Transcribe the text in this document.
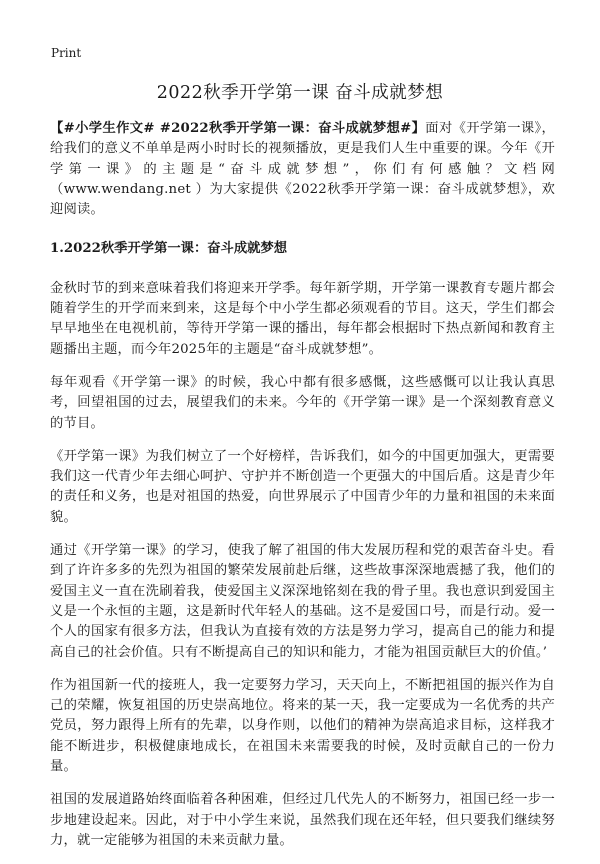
Print
2022秋季开学第一课 奋斗成就梦想

【#小学生作文# #2022秋季开学第一课：奋斗成就梦想#】面对《开学第一课》，给我们的意义不单单是两小时时长的视频播放，更是我们人生中重要的课。今年《开学第一课》的主题是“奋斗成就梦想”，你们有何感触？文档网（www.wendang.net ）为大家提供《2022秋季开学第一课：奋斗成就梦想》，欢迎阅读。

1.2022秋季开学第一课：奋斗成就梦想

金秋时节的到来意味着我们将迎来开学季。每年新学期，开学第一课教育专题片都会随着学生的开学而来到来，这是每个中小学生都必须观看的节目。这天，学生们都会早早地坐在电视机前，等待开学第一课的播出，每年都会根据时下热点新闻和教育主题播出主题，而今年2025年的主题是“奋斗成就梦想”。

每年观看《开学第一课》的时候，我心中都有很多感慨，这些感慨可以让我认真思考，回望祖国的过去，展望我们的未来。今年的《开学第一课》是一个深刻教育意义的节目。

《开学第一课》为我们树立了一个好榜样，告诉我们，如今的中国更加强大，更需要我们这一代青少年去细心呵护、守护并不断创造一个更强大的中国后盾。这是青少年的责任和义务，也是对祖国的热爱，向世界展示了中国青少年的力量和祖国的未来面貌。

通过《开学第一课》的学习，使我了解了祖国的伟大发展历程和党的艰苦奋斗史。看到了许许多多的先烈为祖国的繁荣发展前赴后继，这些故事深深地震撼了我，他们的爱国主义一直在洗刷着我，使爱国主义深深地铭刻在我的骨子里。我也意识到爱国主义是一个永恒的主题，这是新时代年轻人的基础。这不是爱国口号，而是行动。爱一个人的国家有很多方法，但我认为直接有效的方法是努力学习，提高自己的能力和提高自己的社会价值。只有不断提高自己的知识和能力，才能为祖国贡献巨大的价值。’

作为祖国新一代的接班人，我一定要努力学习，天天向上，不断把祖国的振兴作为自己的荣耀，恢复祖国的历史崇高地位。将来的某一天，我一定要成为一名优秀的共产党员，努力跟得上所有的先辈，以身作则，以他们的精神为崇高追求目标，这样我才能不断进步，积极健康地成长，在祖国未来需要我的时候，及时贡献自己的一份力量。

祖国的发展道路始终面临着各种困难，但经过几代先人的不断努力，祖国已经一步一步地建设起来。因此，对于中小学生来说，虽然我们现在还年轻，但只要我们继续努力，就一定能够为祖国的未来贡献力量。
